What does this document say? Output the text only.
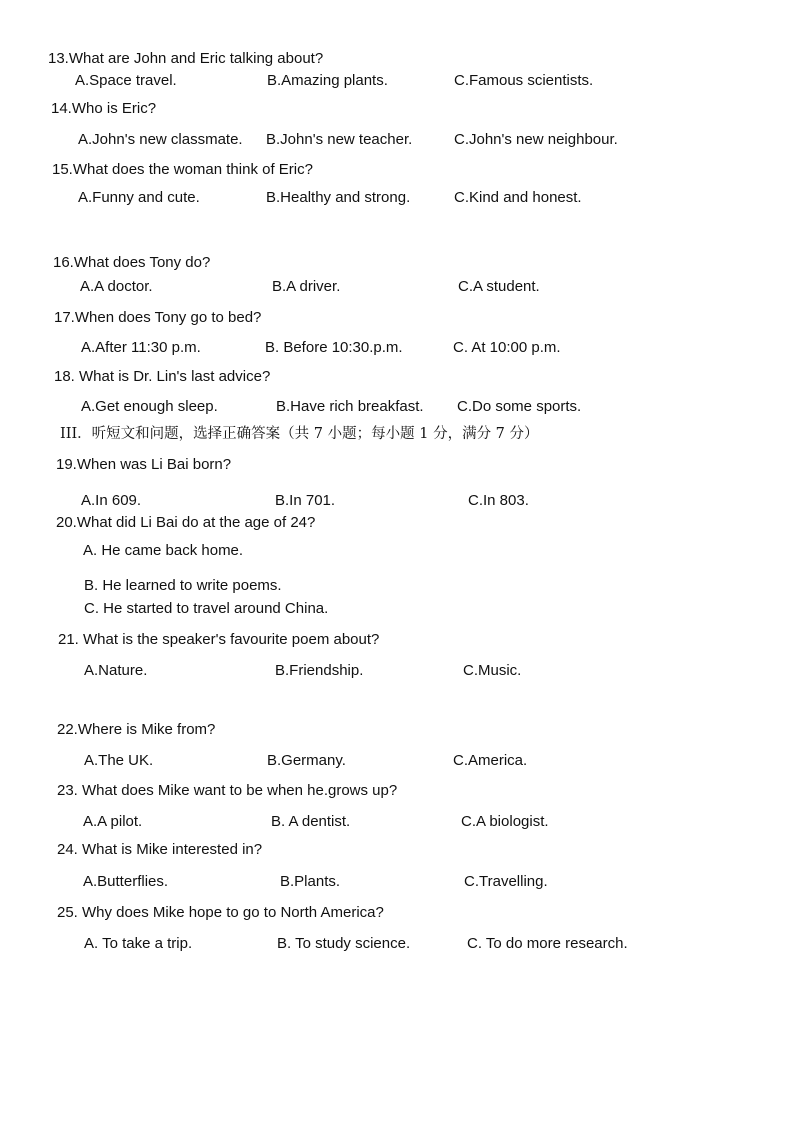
13.What are John and Eric talking about?
A.Space travel.	B.Amazing plants.	C.Famous scientists.
14.Who is Eric?
A.John's new classmate. B.John's new teacher.	C.John's new neighbour.
15.What does the woman think of Eric?
A.Funny and cute.	B.Healthy and strong.	C.Kind and honest.
16.What does Tony do?
A.A doctor.	B.A driver.	C.A student.
17.When does Tony go to bed?
A.After 11:30 p.m.	B. Before 10:30.p.m.	C. At 10:00 p.m.
18. What is Dr. Lin's last advice?
A.Get enough sleep.	B.Have rich breakfast. C.Do some sports.
III．听短文和问题，选择正确答案（共 7 小题；每小题 1 分，满分 7 分）
19.When was Li Bai born?
A.In 609.	B.In 701.	C.In 803.
20.What did Li Bai do at the age of 24?
A. He came back home.
B. He learned to write poems.
C. He started to travel around China.
21. What is the speaker's favourite poem about?
A.Nature.	B.Friendship.	C.Music.
22.Where is Mike from?
A.The UK.	B.Germany.	C.America.
23. What does Mike want to be when he.grows up?
A.A pilot.	B. A dentist.	C.A biologist.
24. What is Mike interested in?
A.Butterflies.	B.Plants.	C.Travelling.
25. Why does Mike hope to go to North America?
A. To take a trip.	B. To study science.	C. To do more research.
